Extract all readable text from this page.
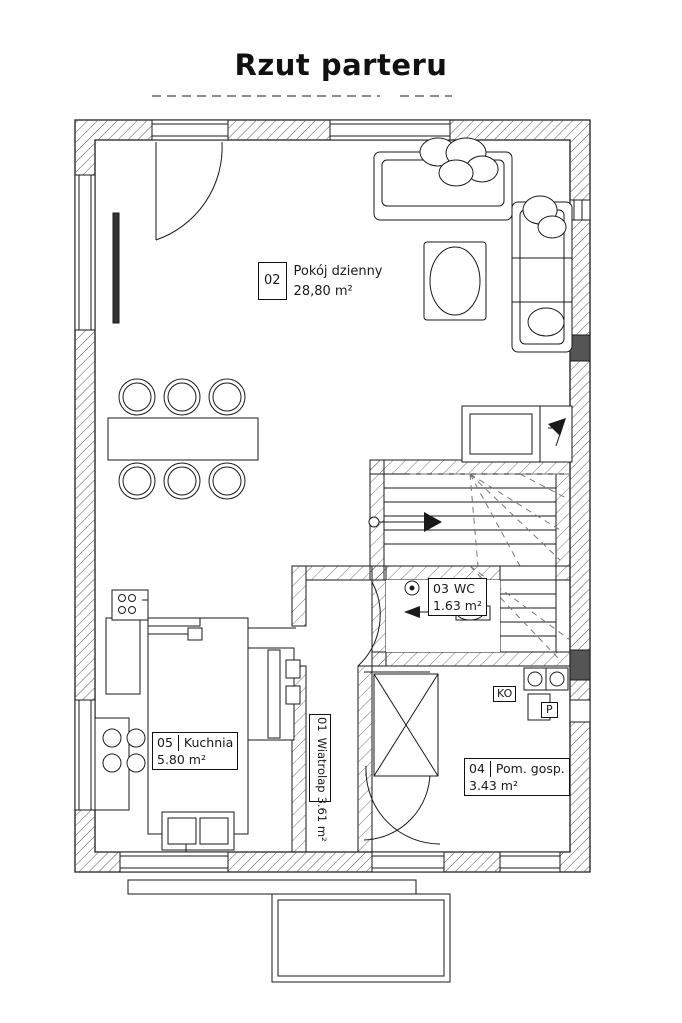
Rzut parteru
02
Pokój dzienny
28,80 m²
03 WC
1.63 m²
04 Pom. gosp.
3.43 m²
05 Kuchnia
5.80 m²
01
Wiatrolap
3.61 m²
KO
P
